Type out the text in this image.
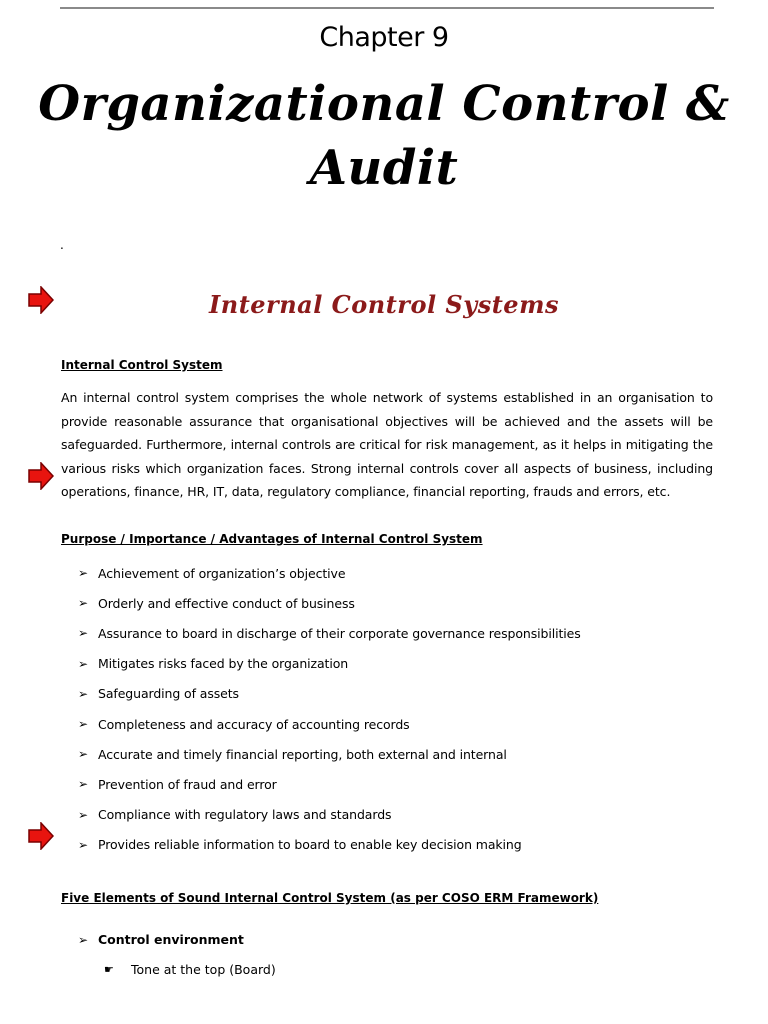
Chapter 9
Organizational Control &
Audit
.
Internal Control Systems
Internal Control System

An internal control system comprises the whole network of systems established in an organisation to provide reasonable assurance that organisational objectives will be achieved and the assets will be safeguarded. Furthermore, internal controls are critical for risk management, as it helps in mitigating the various risks which organization faces. Strong internal controls cover all aspects of business, including operations, finance, HR, IT, data, regulatory compliance, financial reporting, frauds and errors, etc.

Purpose / Importance / Advantages of Internal Control System
➢ Achievement of organization’s objective
➢ Orderly and effective conduct of business
➢ Assurance to board in discharge of their corporate governance responsibilities
➢ Mitigates risks faced by the organization
➢ Safeguarding of assets
➢ Completeness and accuracy of accounting records
➢ Accurate and timely financial reporting, both external and internal
➢ Prevention of fraud and error
➢ Compliance with regulatory laws and standards
➢ Provides reliable information to board to enable key decision making
Five Elements of Sound Internal Control System (as per COSO ERM Framework)
➢ Control environment
☛	Tone at the top (Board)
